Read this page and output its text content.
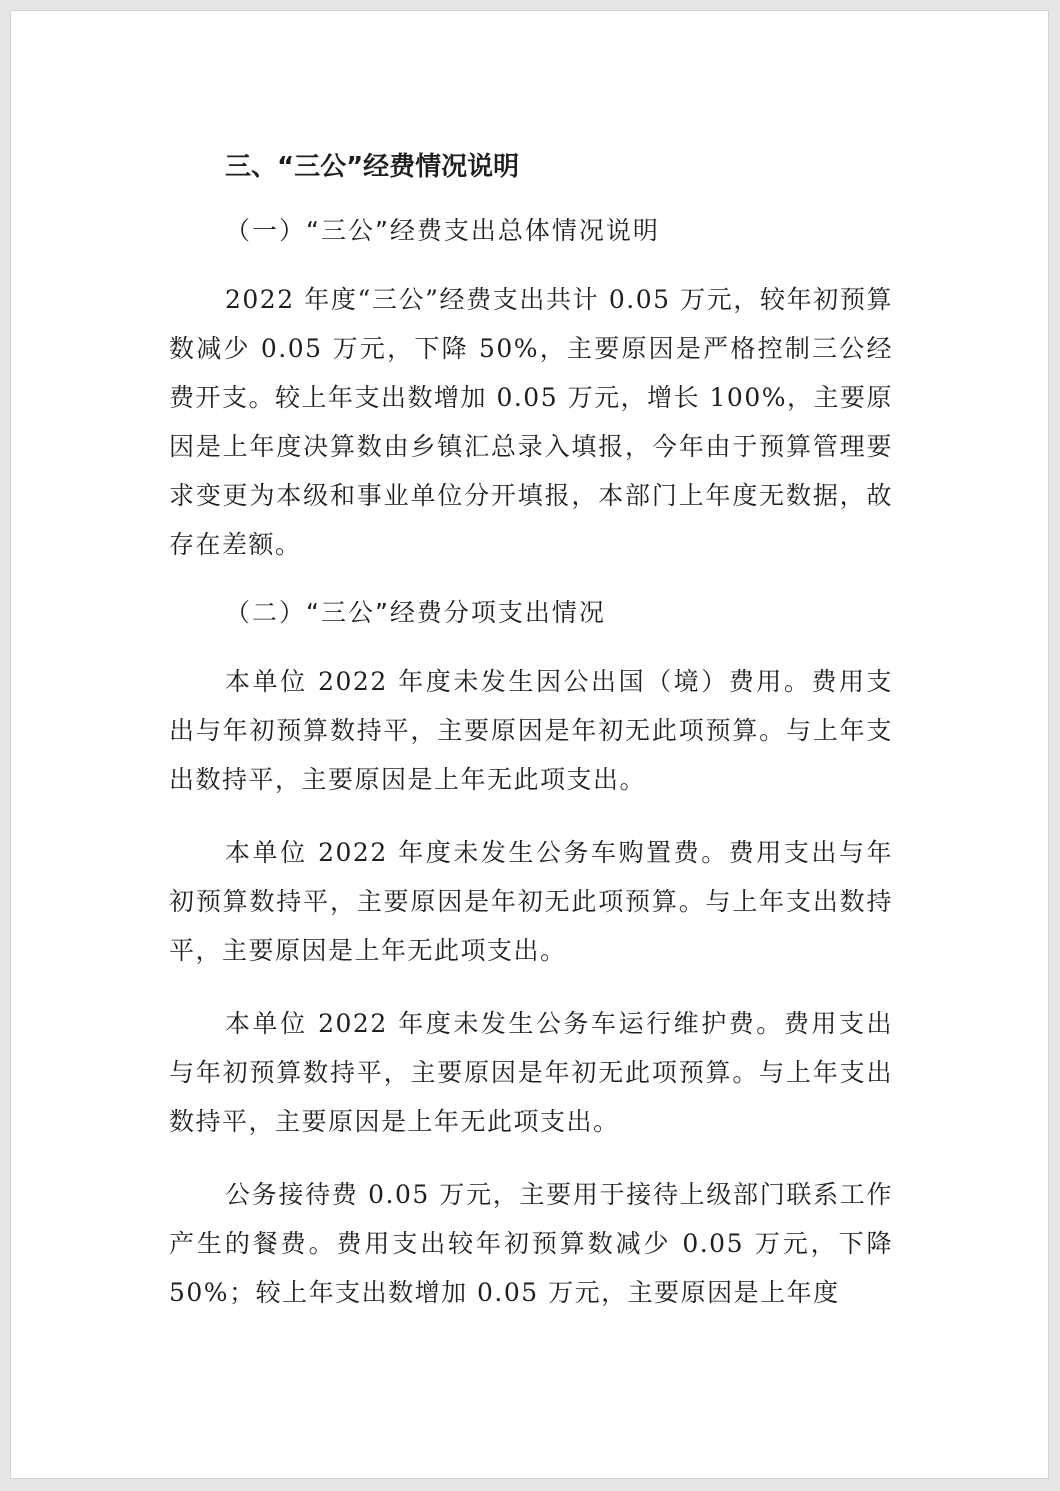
三、“三公”经费情况说明
（一）“三公”经费支出总体情况说明

2022 年度“三公”经费支出共计 0.05 万元，较年初预算数减少 0.05 万元，下降 50%，主要原因是严格控制三公经费开支。较上年支出数增加 0.05 万元，增长 100%，主要原因是上年度决算数由乡镇汇总录入填报，今年由于预算管理要求变更为本级和事业单位分开填报，本部门上年度无数据，故存在差额。

（二）“三公”经费分项支出情况

本单位 2022 年度未发生因公出国（境）费用。费用支出与年初预算数持平，主要原因是年初无此项预算。与上年支出数持平，主要原因是上年无此项支出。

本单位 2022 年度未发生公务车购置费。费用支出与年初预算数持平，主要原因是年初无此项预算。与上年支出数持平，主要原因是上年无此项支出。

本单位 2022 年度未发生公务车运行维护费。费用支出与年初预算数持平，主要原因是年初无此项预算。与上年支出数持平，主要原因是上年无此项支出。

公务接待费 0.05 万元，主要用于接待上级部门联系工作产生的餐费。费用支出较年初预算数减少 0.05 万元，下降 50%；较上年支出数增加 0.05 万元，主要原因是上年度
